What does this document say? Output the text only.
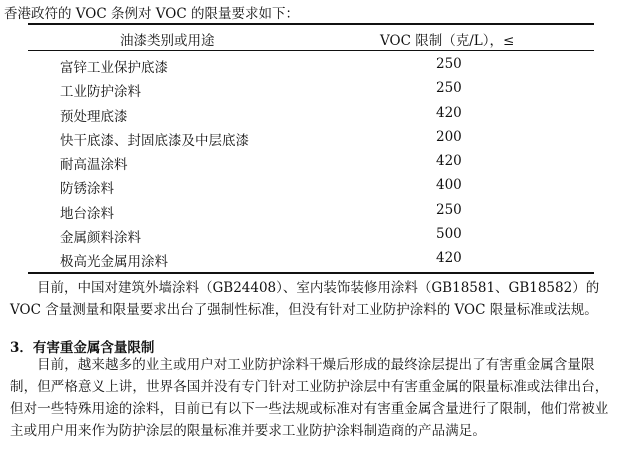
香港政符的 VOC 条例对 VOC 的限量要求如下：
油漆类别或用途	VOC 限制（克/L），≤
富锌工业保护底漆	250
工业防护涂料	250
预处理底漆	420
快干底漆、封固底漆及中层底漆	200
耐高温涂料	420
防锈涂料	400
地台涂料	250
金属颜料涂料	500
极高光金属用涂料	420
目前，中国对建筑外墙涂料（GB24408）、室内装饰装修用涂料（GB18581、GB18582）的 VOC 含量测量和限量要求出台了强制性标准，但没有针对工业防护涂料的 VOC 限量标准或法规。
3．有害重金属含量限制
目前，越来越多的业主或用户对工业防护涂料干燥后形成的最终涂层提出了有害重金属含量限制，但严格意义上讲，世界各国并没有专门针对工业防护涂层中有害重金属的限量标准或法律出台，但对一些特殊用途的涂料，目前已有以下一些法规或标准对有害重金属含量进行了限制，他们常被业主或用户用来作为防护涂层的限量标准并要求工业防护涂料制造商的产品满足。
